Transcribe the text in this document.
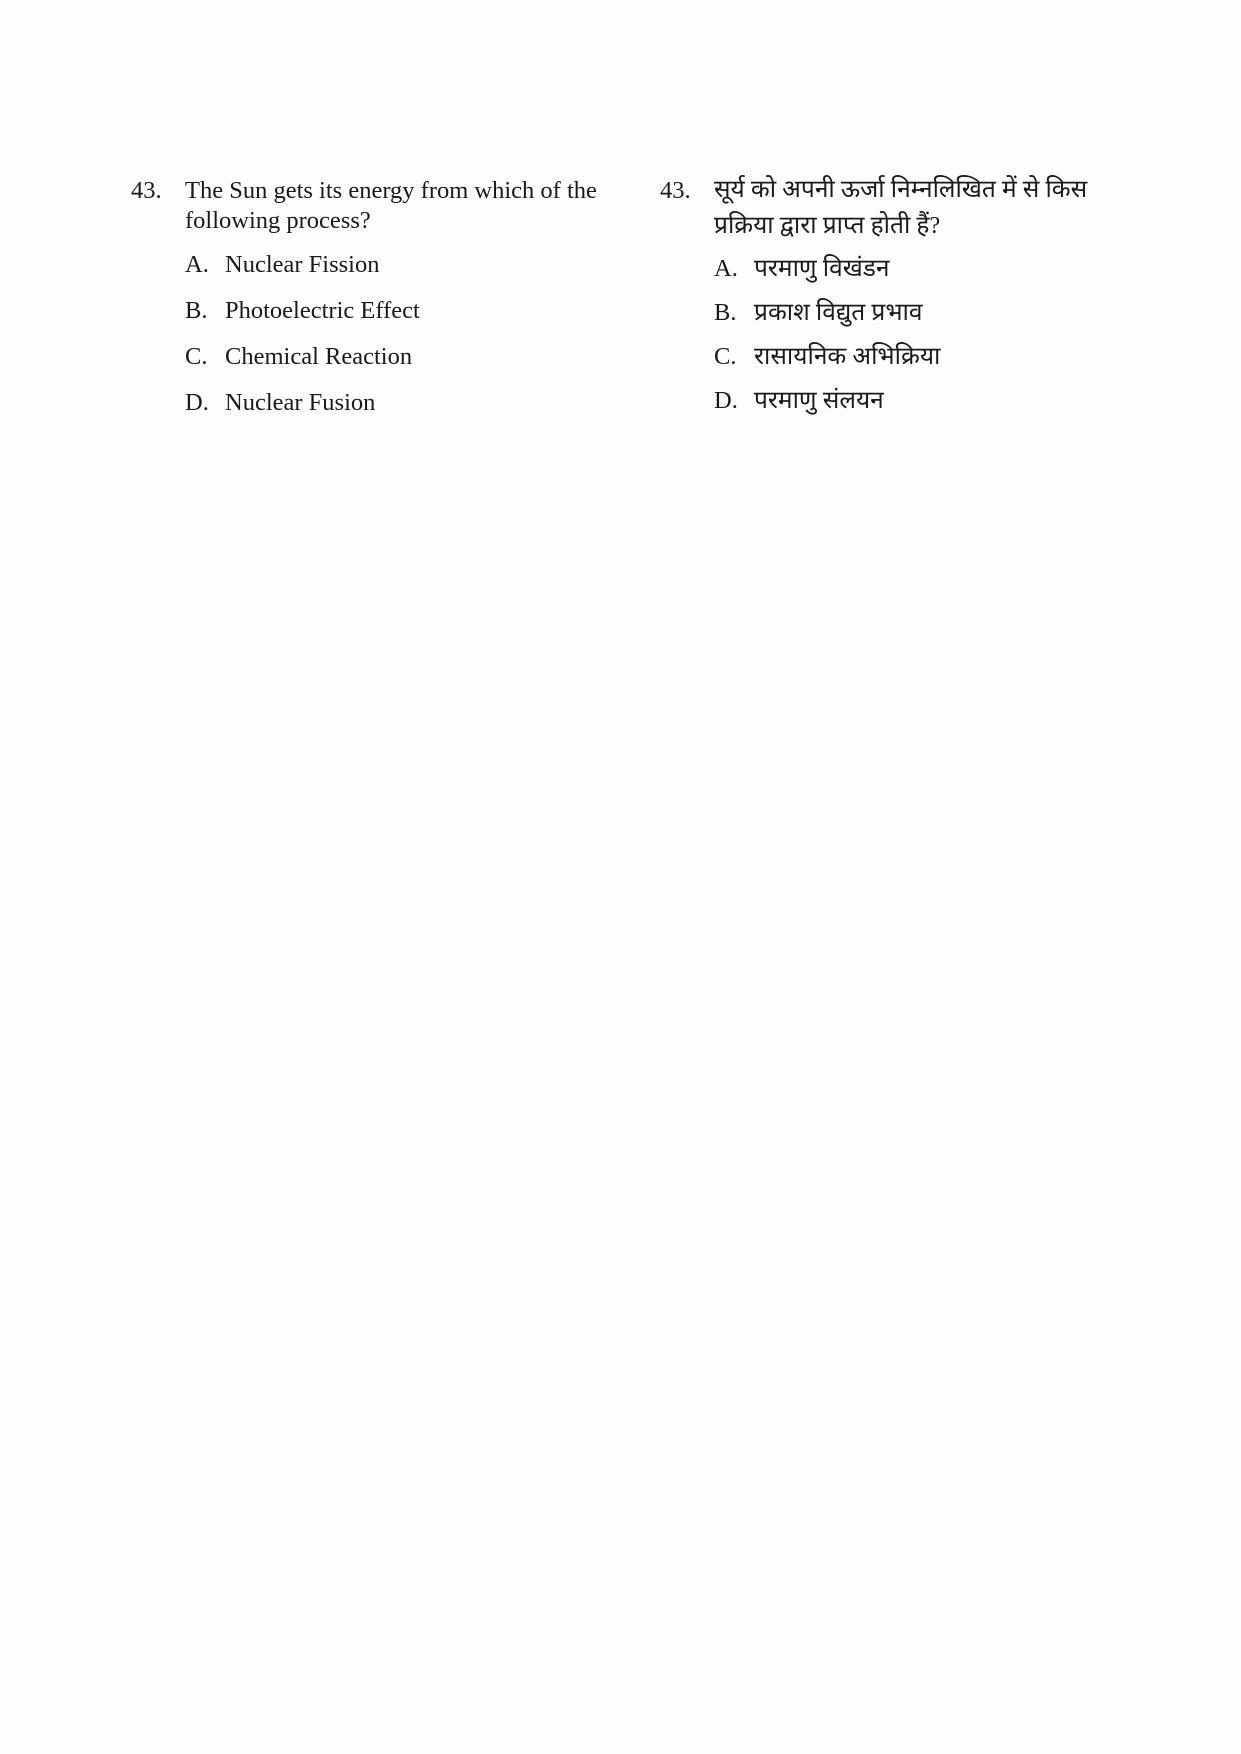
43. The Sun gets its energy from which of the following process?
A. Nuclear Fission
B. Photoelectric Effect
C. Chemical Reaction
D. Nuclear Fusion
43. सूर्य को अपनी ऊर्जा निम्नलिखित में से किस प्रक्रिया द्वारा प्राप्त होती हैं?
A. परमाणु विखंडन
B. प्रकाश विद्युत प्रभाव
C. रासायनिक अभिक्रिया
D. परमाणु संलयन
